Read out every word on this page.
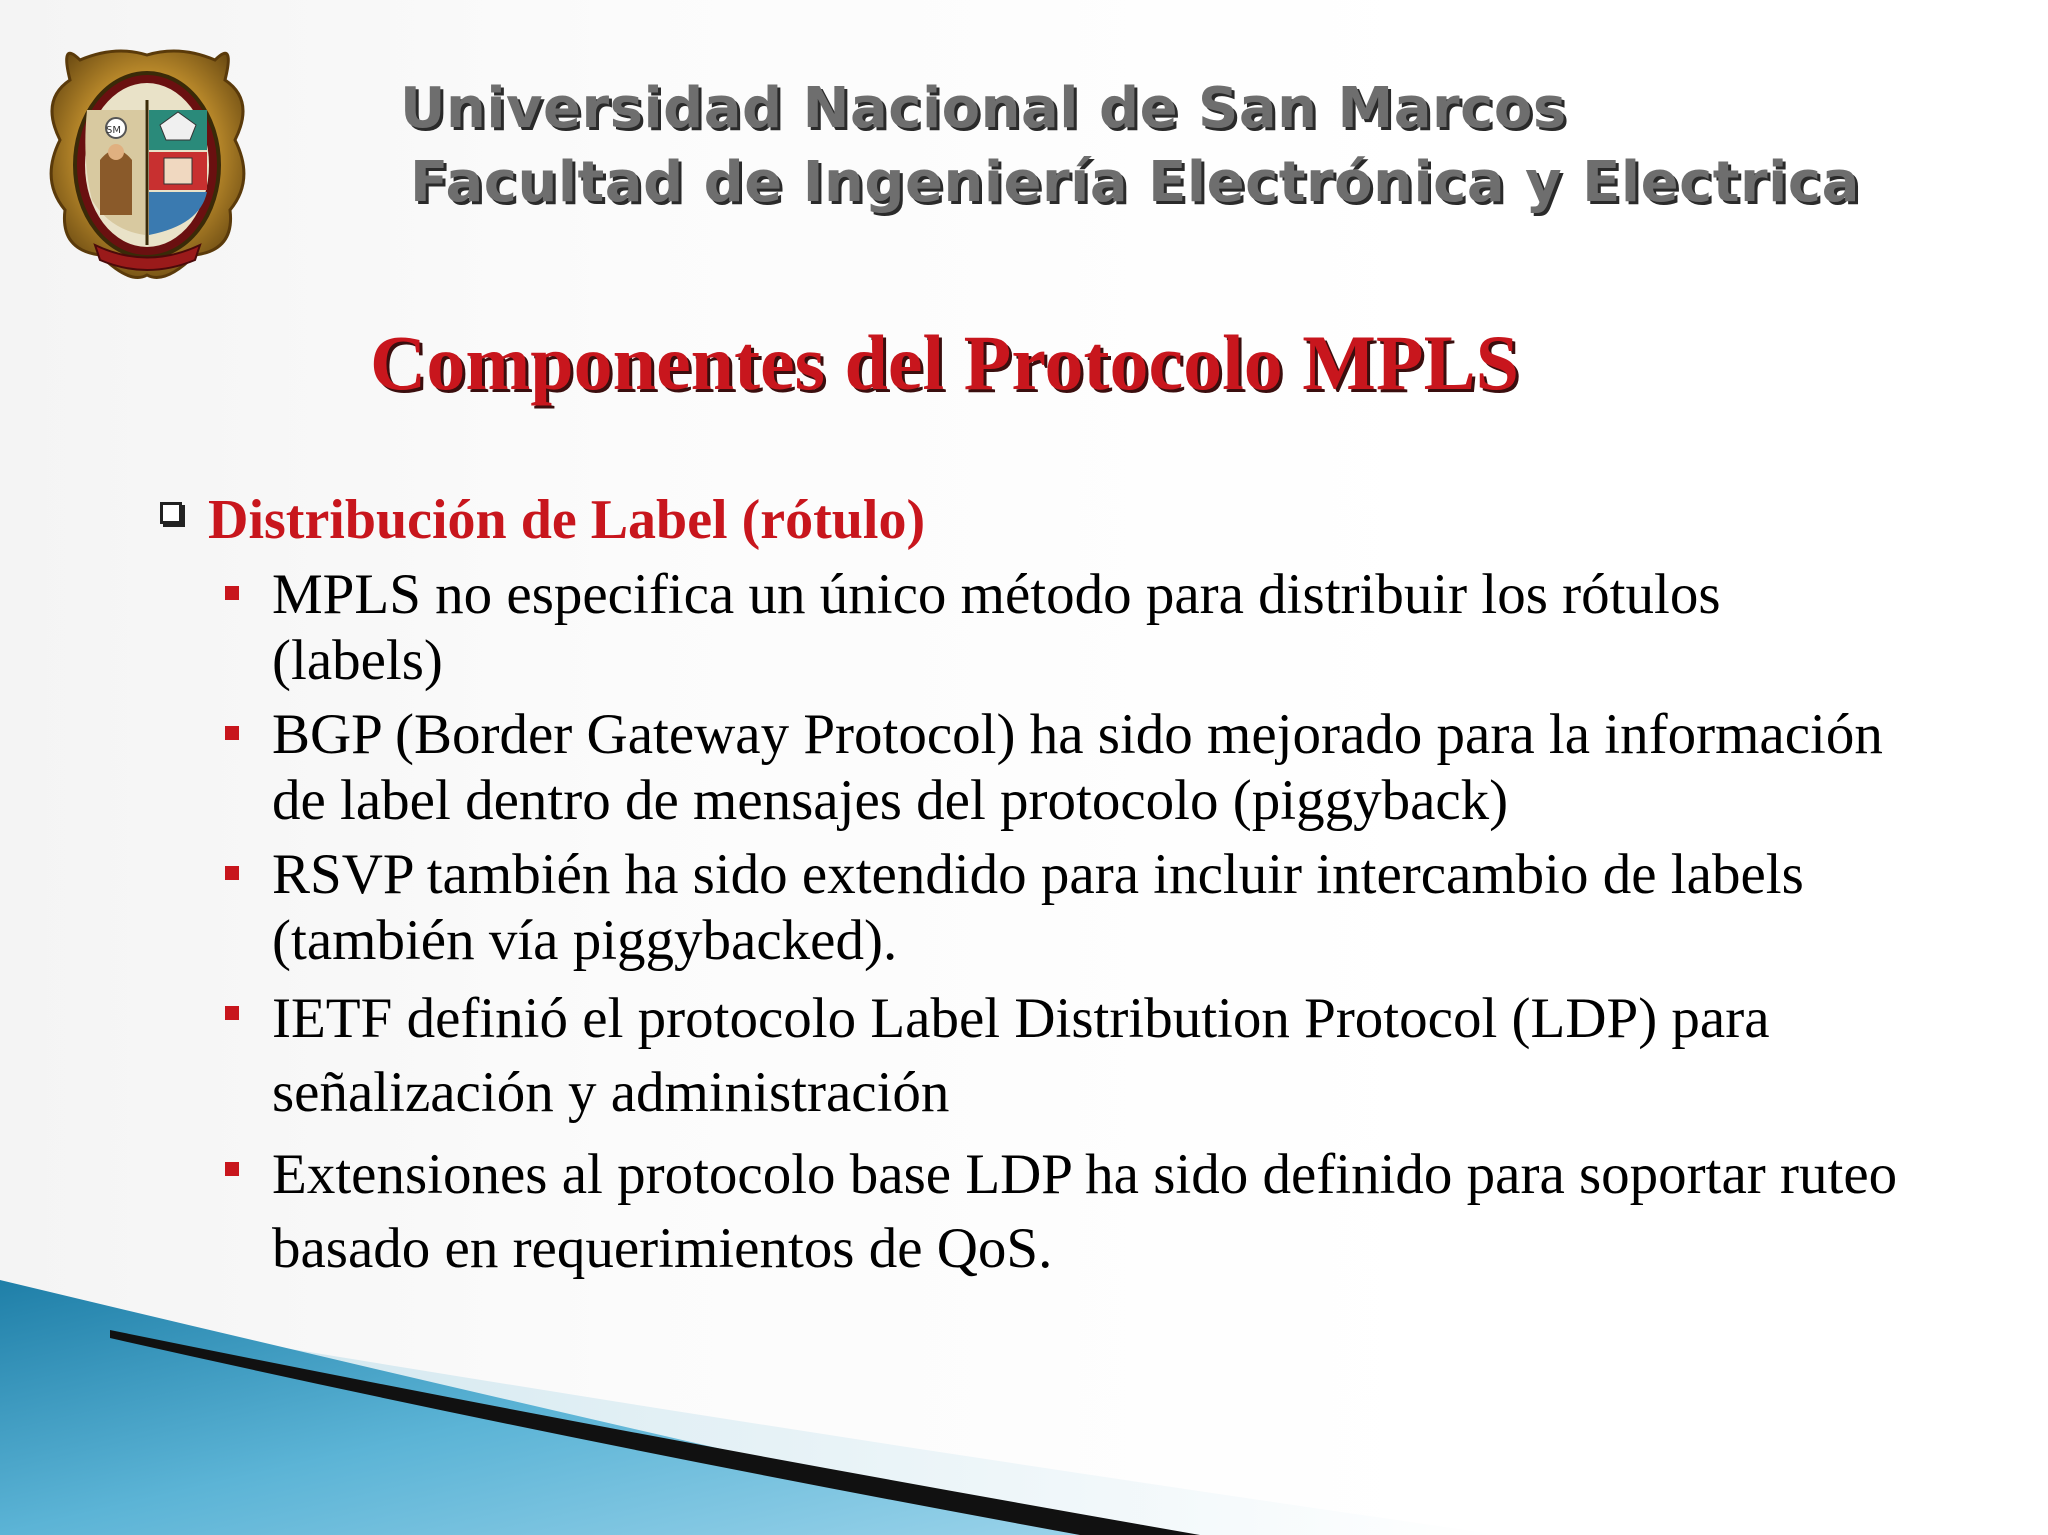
SM	Universidad Nacional de San Marcos
Facultad de Ingeniería Electrónica y Electrica
Componentes del Protocolo MPLS
Distribución de Label (rótulo)
MPLS no especifica un único método para distribuir los rótulos (labels)
BGP (Border Gateway Protocol) ha sido mejorado para la información de label dentro de mensajes del protocolo (piggyback)
RSVP también ha sido extendido para incluir intercambio de labels (también vía piggybacked).
IETF definió el protocolo Label Distribution Protocol (LDP) para señalización y administración
Extensiones al protocolo base LDP ha sido definido para soportar ruteo basado en requerimientos de QoS.
